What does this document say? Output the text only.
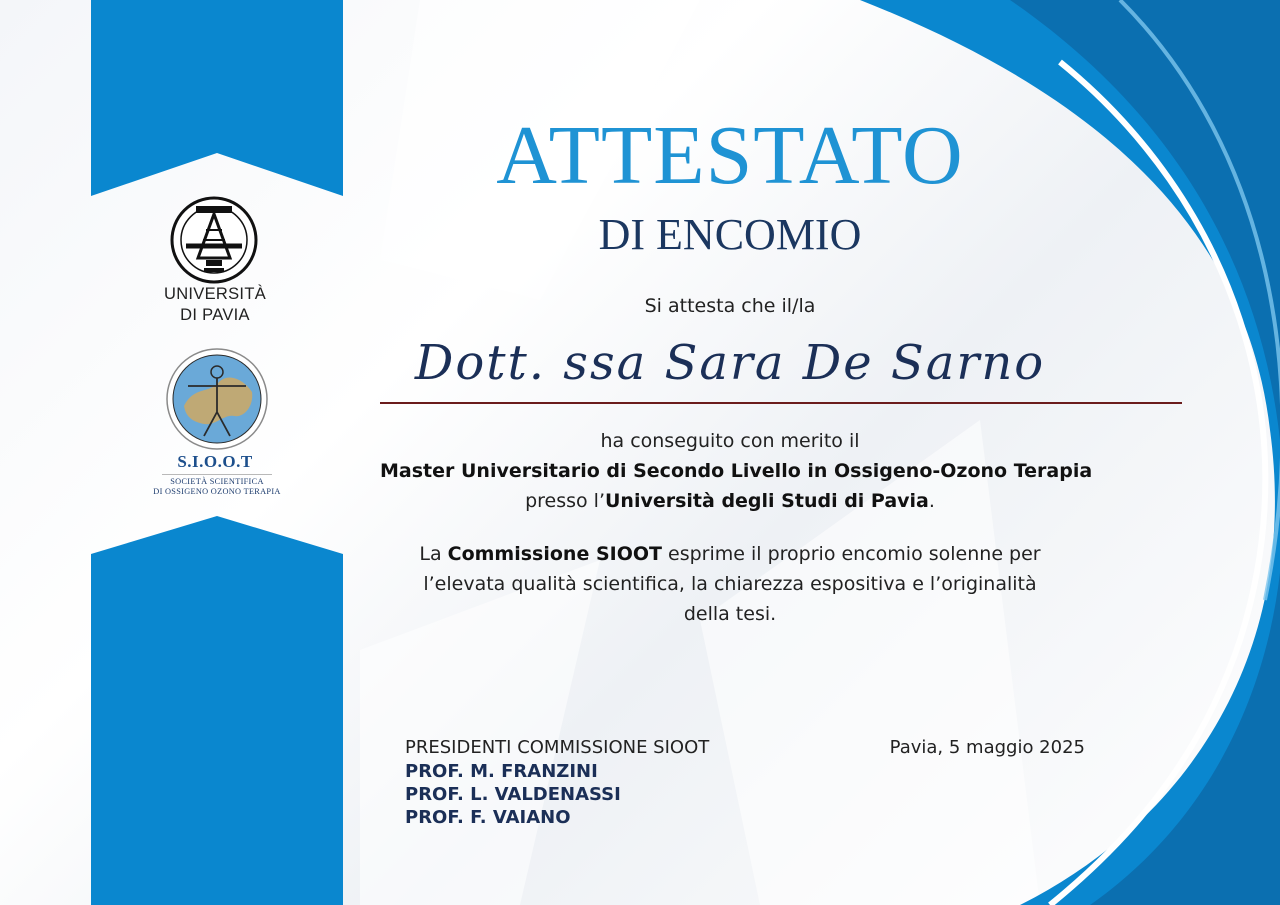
UNIVERSITÀ
DI PAVIA
S.I.O.O.T
SOCIETÀ SCIENTIFICA
DI OSSIGENO OZONO TERAPIA
ATTESTATO
DI ENCOMIO
Si attesta che il/la
Dott. ssa Sara De Sarno
ha conseguito con merito il
Master Universitario di Secondo Livello in Ossigeno-Ozono Terapia
presso l’Università degli Studi di Pavia.
La Commissione SIOOT esprime il proprio encomio solenne per
l’elevata qualità scientifica, la chiarezza espositiva e l’originalità
della tesi.
PRESIDENTI COMMISSIONE SIOOT
PROF. M. FRANZINI
PROF. L. VALDENASSI
PROF. F. VAIANO
Pavia, 5 maggio 2025
